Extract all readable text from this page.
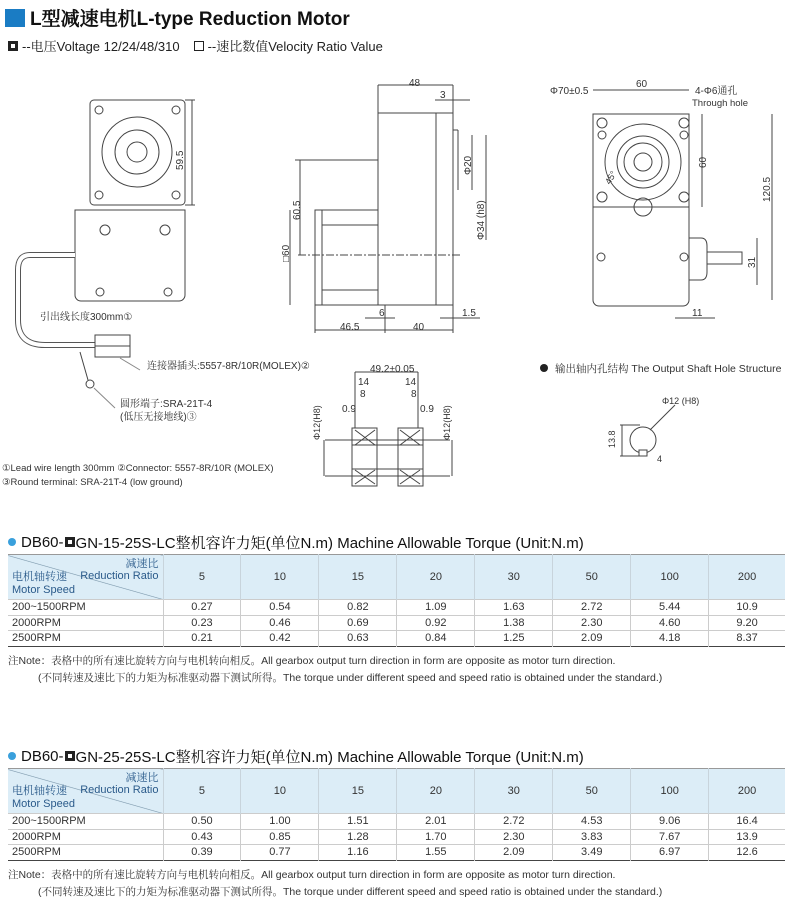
L型减速电机L-type Reduction Motor
--电压Voltage 12/24/48/310 --速比数值Velocity Ratio Value
59.5
引出线长度300mm①
连接器插头:5557-8R/10R(MOLEX)②
圆形端子:SRA-21T-4
(低压无接地线)③
①Lead wire length 300mm ②Connector: 5557-8R/10R (MOLEX)
③Round terminal: SRA-21T-4 (low ground)
48
3
Φ20
Φ34 (h8)
60.5
□60
6	1.5
46.5	40
49.2±0.05
14	14
8	8
0.9	0.9
Φ12(H8)	Φ12(H8)
Φ70±0.5
60
4-Φ6通孔
Through hole
60
45°	120.5
31
11
输出轴内孔结构 The Output Shaft Hole Structure
Φ12 (H8)
13.8
4
DB60- GN-15-25S-LC整机容许力矩(单位N.m) Machine Allowable Torque (Unit:N.m)
减速比
Reduction Ratio
电机轴转速
Motor Speed	5	10	15	20	30	50	100	200
200~1500RPM	0.27	0.54	0.82	1.09	1.63	2.72	5.44	10.9
2000RPM	0.23	0.46	0.69	0.92	1.38	2.30	4.60	9.20
2500RPM	0.21	0.42	0.63	0.84	1.25	2.09	4.18	8.37
注Note：表格中的所有速比旋转方向与电机转向相反。All gearbox output turn direction in form are opposite as motor turn direction.
(不同转速及速比下的力矩为标准驱动器下测试所得。The torque under different speed and speed ratio is obtained under the standard.)
DB60- GN-25-25S-LC整机容许力矩(单位N.m) Machine Allowable Torque (Unit:N.m)
减速比
Reduction Ratio
电机轴转速
Motor Speed	5	10	15	20	30	50	100	200
200~1500RPM	0.50	1.00	1.51	2.01	2.72	4.53	9.06	16.4
2000RPM	0.43	0.85	1.28	1.70	2.30	3.83	7.67	13.9
2500RPM	0.39	0.77	1.16	1.55	2.09	3.49	6.97	12.6
注Note：表格中的所有速比旋转方向与电机转向相反。All gearbox output turn direction in form are opposite as motor turn direction.
(不同转速及速比下的力矩为标准驱动器下测试所得。The torque under different speed and speed ratio is obtained under the standard.)
